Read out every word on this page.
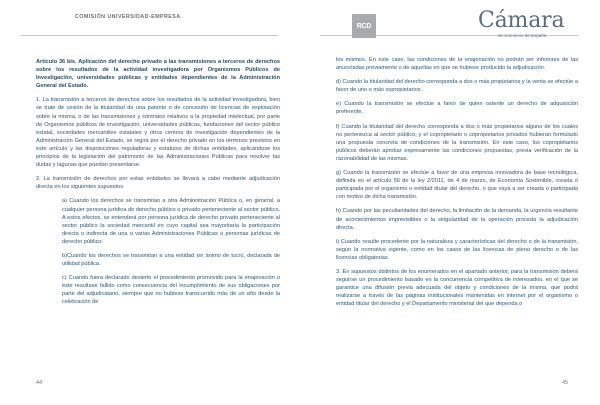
COMISIÓN UNIVERSIDAD-EMPRESA
RCD	Cámara
de Comercio de España

Artículo 36 bis. Aplicación del derecho privado a las transmisiones a terceros de derechos sobre los resultados de la actividad investigadora por Organismos Públicos de Investigación, universidades públicas y entidades dependientes de la Administración General del Estado.

1. La transmisión a terceros de derechos sobre los resultados de la actividad investigadora, bien se trate de cesión de la titularidad de una patente o de concesión de licencias de explotación sobre la misma, o de las transmisiones y contratos relativos a la propiedad intelectual, por parte de Organismos públicos de investigación, universidades públicas, fundaciones del sector público estatal, sociedades mercantiles estatales y otros centros de investigación dependientes de la Administración General del Estado, se regirá por el derecho privado en los términos previstos en este artículo y las disposiciones reguladoras y estatutos de dichas entidades, aplicándose los principios de la legislación del patrimonio de las Administraciones Públicas para resolver las dudas y lagunas que puedan presentarse.

2. La transmisión de derechos por estas entidades se llevará a cabo mediante adjudicación directa en los siguientes supuestos:

a) Cuando los derechos se transmitan a otra Administración Pública o, en general, a cualquier persona jurídica de derecho público o privado perteneciente al sector público. A estos efectos, se entenderá por persona jurídica de derecho privado perteneciente al sector público la sociedad mercantil en cuyo capital sea mayoritaria la participación directa o indirecta de una o varias Administraciones Públicas o personas jurídicas de derecho público.

b)Cuando los derechos se transmitan a una entidad sin ánimo de lucro, declarada de utilidad pública.

c) Cuando fuera declarado desierto el procedimiento promovido para la enajenación o éste resultase fallido como consecuencia del incumplimiento de sus obligaciones por parte del adjudicatario, siempre que no hubiese transcurrido más de un año desde la celebración de

los mismos. En este caso, las condiciones de la enajenación no podrán ser inferiores de las anunciadas previamente o de aquellas en que se hubiese producido la adjudicación.

d) Cuando la titularidad del derecho corresponda a dos o más propietarios y la venta se efectúe a favor de uno o más copropietarios.

e) Cuando la transmisión se efectúe a favor de quien ostente un derecho de adquisición preferente.

f) Cuando la titularidad del derecho corresponda a dos o más propietarios alguno de los cuales no pertenezca al sector público, y el copropietario o copropietarios privados hubieran formulado una propuesta concreta de condiciones de la transmisión. En este caso, los copropietarios públicos deberán aprobar expresamente las condiciones propuestas, previa verificación de la razonabilidad de las mismas.

g) Cuando la transmisión se efectúe a favor de una empresa innovadora de base tecnológica, definida en el artículo 56 de la ley 2/2011, de 4 de marzo, de Economía Sostenible, creada o participada por el organismo o entidad titular del derecho, o que vaya a ser creada o participada con motivo de dicha transmisión.

h) Cuando por las peculiaridades del derecho, la limitación de la demanda, la urgencia resultante de acontecimientos imprevisibles o la singularidad de la operación proceda la adjudicación directa.

i) Cuando resulte procedente por la naturaleza y características del derecho o de la transmisión, según la normativa vigente, como en los casos de las licencias de pleno derecho o de las licencias obligatorias.

3. En supuestos distintos de los enumerados en el apartado anterior, para la transmisión deberá seguirse un procedimiento basado en la concurrencia competitiva de interesados, en el que se garantice una difusión previa adecuada del objeto y condiciones de la misma, que podrá realizarse a través de las páginas institucionales mantenidas en internet por el organismo o entidad titular del derecho y el Departamento ministerial del que dependa o

44	45
